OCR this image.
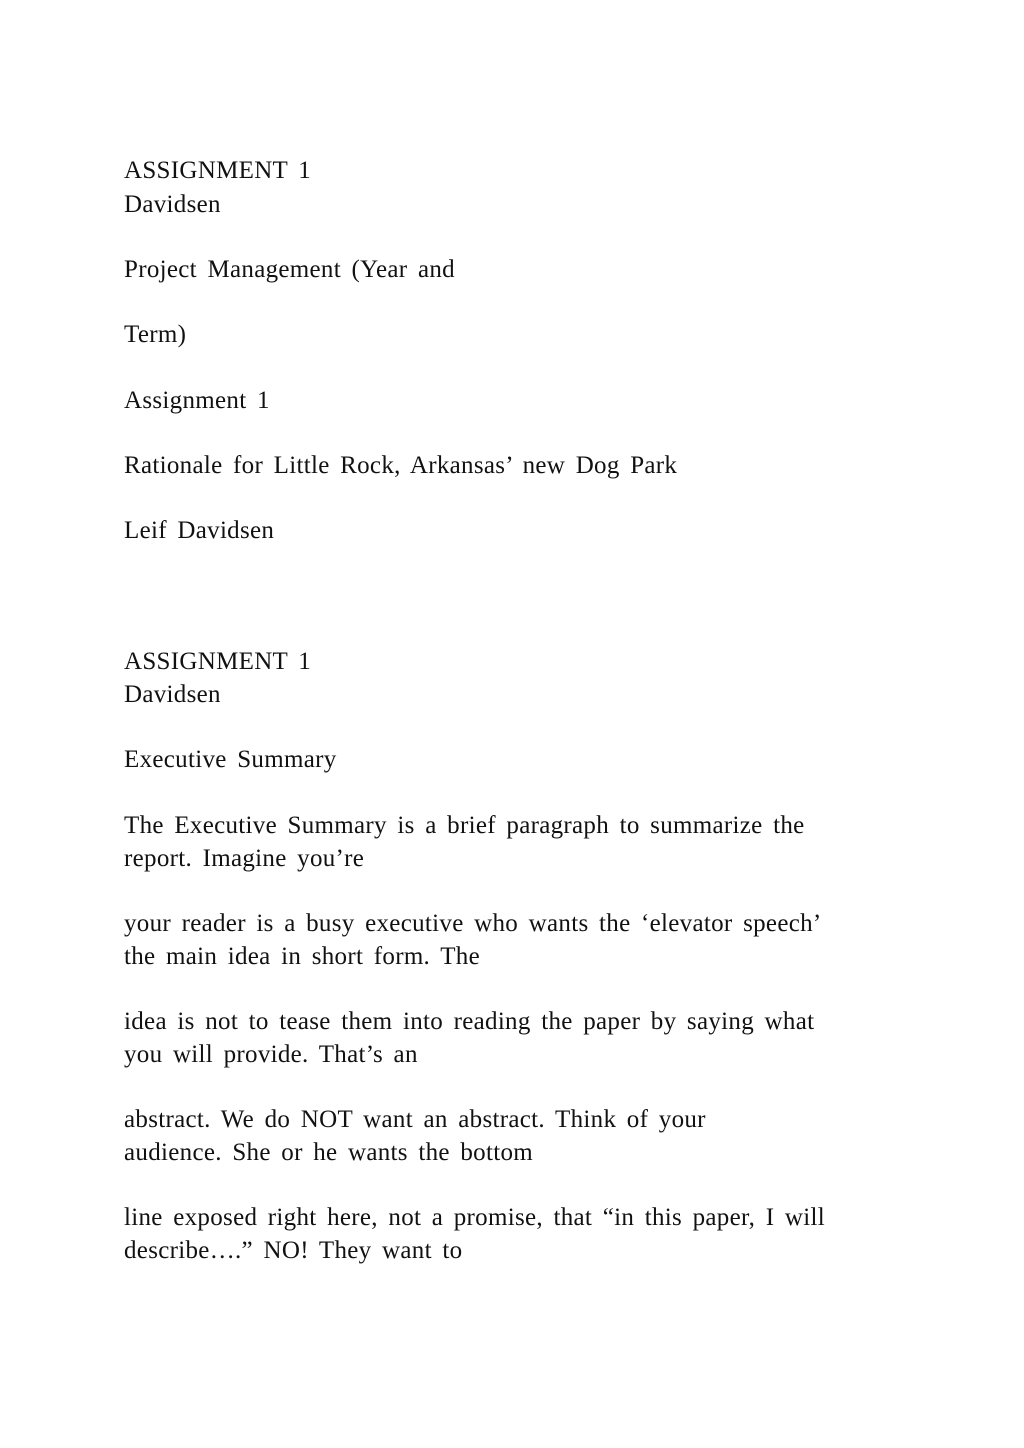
ASSIGNMENT 1

Davidsen

Project Management (Year and

Term)

Assignment 1

Rationale for Little Rock, Arkansas’ new Dog Park

Leif Davidsen

ASSIGNMENT 1

Davidsen

Executive Summary

The Executive Summary is a brief paragraph to summarize the

report. Imagine you’re

your reader is a busy executive who wants the ‘elevator speech’

the main idea in short form. The

idea is not to tease them into reading the paper by saying what

you will provide. That’s an

abstract. We do NOT want an abstract. Think of your

audience. She or he wants the bottom

line exposed right here, not a promise, that “in this paper, I will

describe….” NO! They want to
